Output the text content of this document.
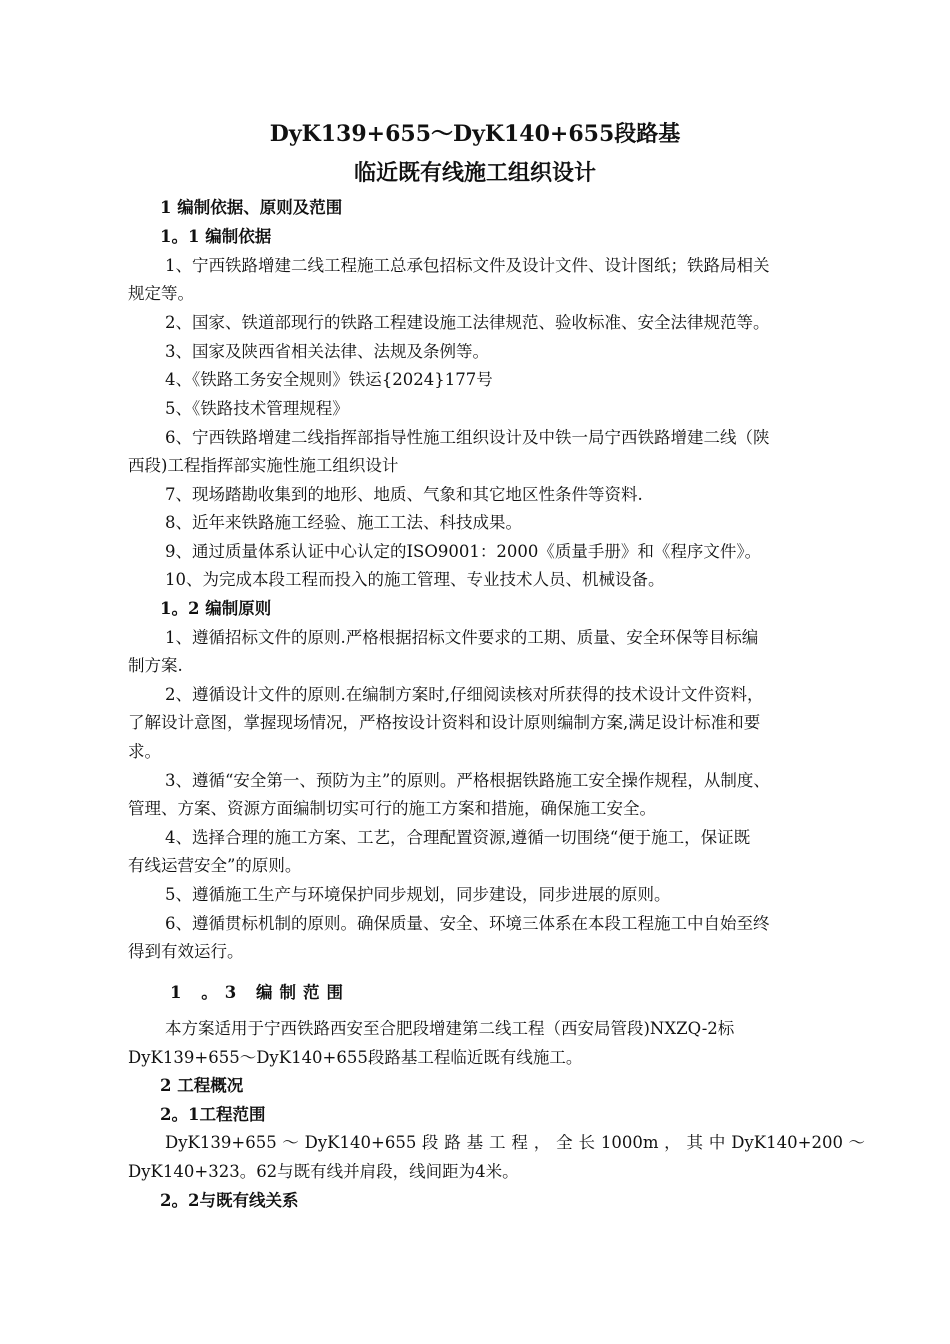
DyK139+655～DyK140+655段路基
临近既有线施工组织设计
1 编制依据、原则及范围
1。1 编制依据
1、宁西铁路增建二线工程施工总承包招标文件及设计文件、设计图纸；铁路局相关
规定等。
2、国家、铁道部现行的铁路工程建设施工法律规范、验收标准、安全法律规范等。
3、国家及陕西省相关法律、法规及条例等。
4、《铁路工务安全规则》铁运{2024}177号
5、《铁路技术管理规程》
6、宁西铁路增建二线指挥部指导性施工组织设计及中铁一局宁西铁路增建二线（陕
西段)工程指挥部实施性施工组织设计
7、现场踏勘收集到的地形、地质、气象和其它地区性条件等资料.
8、近年来铁路施工经验、施工工法、科技成果。
9、通过质量体系认证中心认定的ISO9001：2000《质量手册》和《程序文件》。
10、为完成本段工程而投入的施工管理、专业技术人员、机械设备。
1。2 编制原则
1、遵循招标文件的原则.严格根据招标文件要求的工期、质量、安全环保等目标编
制方案.
2、遵循设计文件的原则.在编制方案时,仔细阅读核对所获得的技术设计文件资料，
了解设计意图，掌握现场情况，严格按设计资料和设计原则编制方案,满足设计标准和要
求。
3、遵循“安全第一、预防为主”的原则。严格根据铁路施工安全操作规程，从制度、
管理、方案、资源方面编制切实可行的施工方案和措施，确保施工安全。
4、选择合理的施工方案、工艺，合理配置资源,遵循一切围绕“便于施工，保证既
有线运营安全”的原则。
5、遵循施工生产与环境保护同步规划，同步建设，同步进展的原则。
6、遵循贯标机制的原则。确保质量、安全、环境三体系在本段工程施工中自始至终
得到有效运行。
1 。3 编制范围
本方案适用于宁西铁路西安至合肥段增建第二线工程（西安局管段)NXZQ-2标
DyK139+655～DyK140+655段路基工程临近既有线施工。
2 工程概况
2。1工程范围
DyK139+655 ～ DyK140+655 段 路 基 工 程 ， 全 长 1000m ， 其 中 DyK140+200 ～
DyK140+323。62与既有线并肩段，线间距为4米。
2。2与既有线关系
